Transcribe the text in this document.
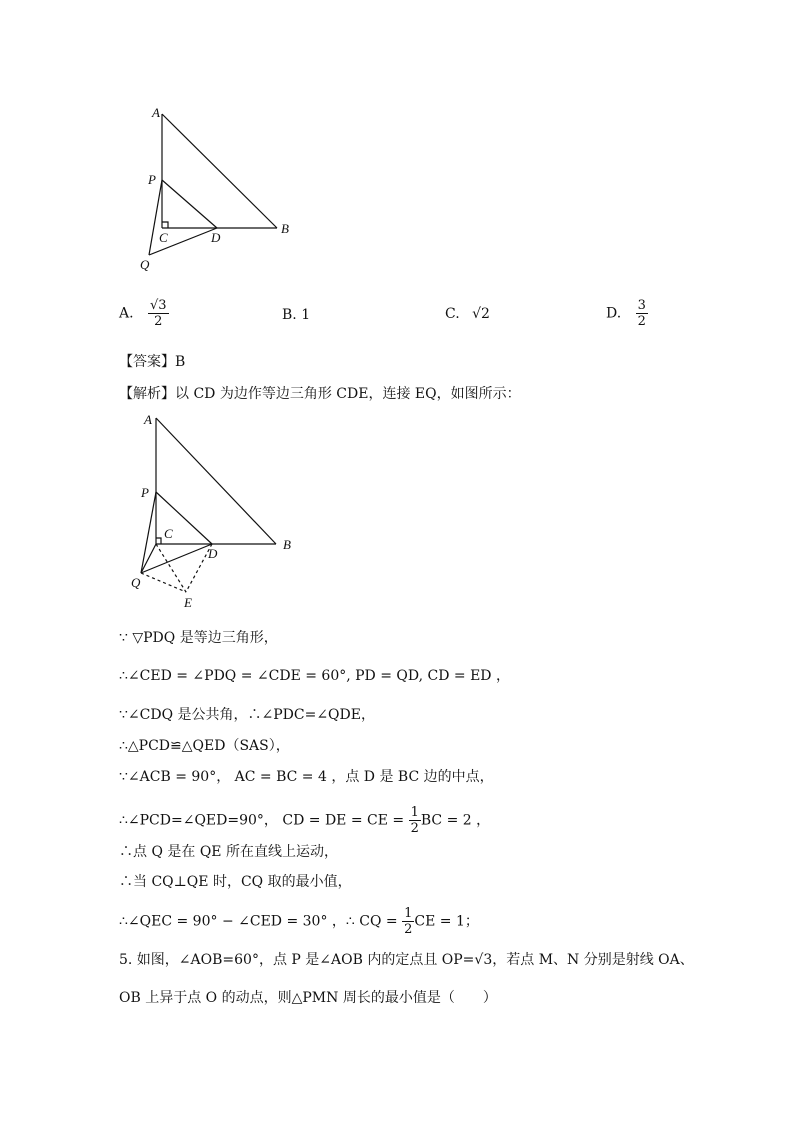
A
P
C	D
B
Q
A. $\frac{√3}{2}$	B. 1	C. √2	D. $\frac{3}{2}$
【答案】B
【解析】以 CD 为边作等边三角形 CDE，连接 EQ，如图所示：
A
P
C
D
B
Q
E
∵ ▽PDQ 是等边三角形，
∴∠CED = ∠PDQ = ∠CDE = 60°, PD = QD, CD = ED ，
∵∠CDQ 是公共角，∴∠PDC=∠QDE，
∴△PCD≌△QED（SAS），
∵∠ACB = 90°， AC = BC = 4 ，点 D 是 BC 边的中点，
∴∠PCD=∠QED=90°， CD = DE = CE = $\frac{1}{2}$ BC = 2 ，
∴点 Q 是在 QE 所在直线上运动，
∴当 CQ⊥QE 时，CQ 取的最小值，
∴∠QEC = 90° − ∠CED = 30° ，∴ CQ = $\frac{1}{2}$ CE = 1；
5. 如图，∠AOB=60°，点 P 是∠AOB 内的定点且 OP=√3，若点 M、N 分别是射线 OA、
OB 上异于点 O 的动点，则△PMN 周长的最小值是（　　）
